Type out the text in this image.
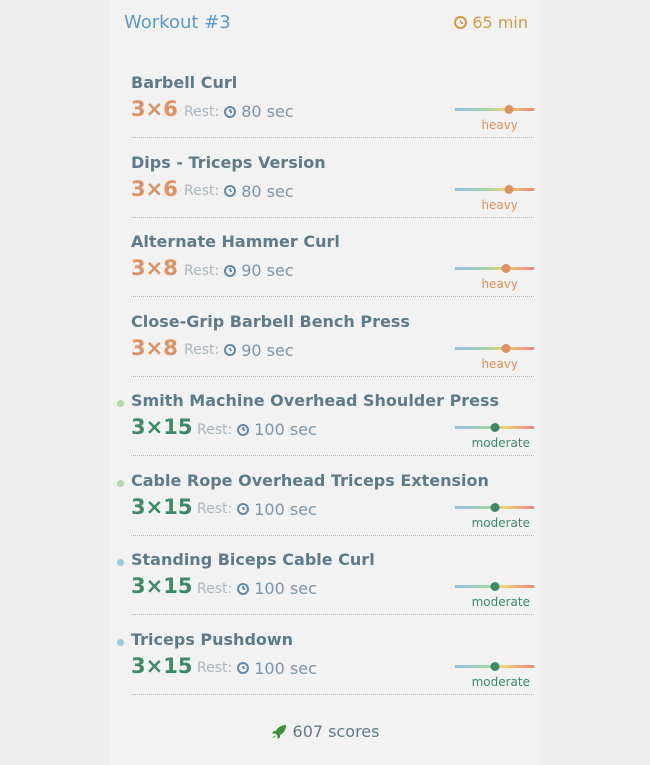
Workout #3	65 min
Barbell Curl
3×6 Rest: 80 sec
heavy
Dips - Triceps Version
3×6 Rest: 80 sec
heavy
Alternate Hammer Curl
3×8 Rest: 90 sec
heavy
Close-Grip Barbell Bench Press
3×8 Rest: 90 sec
heavy
Smith Machine Overhead Shoulder Press
3×15 Rest: 100 sec
moderate
Cable Rope Overhead Triceps Extension
3×15 Rest: 100 sec
moderate
Standing Biceps Cable Curl
3×15 Rest: 100 sec
moderate
Triceps Pushdown
3×15 Rest: 100 sec
moderate
607 scores
